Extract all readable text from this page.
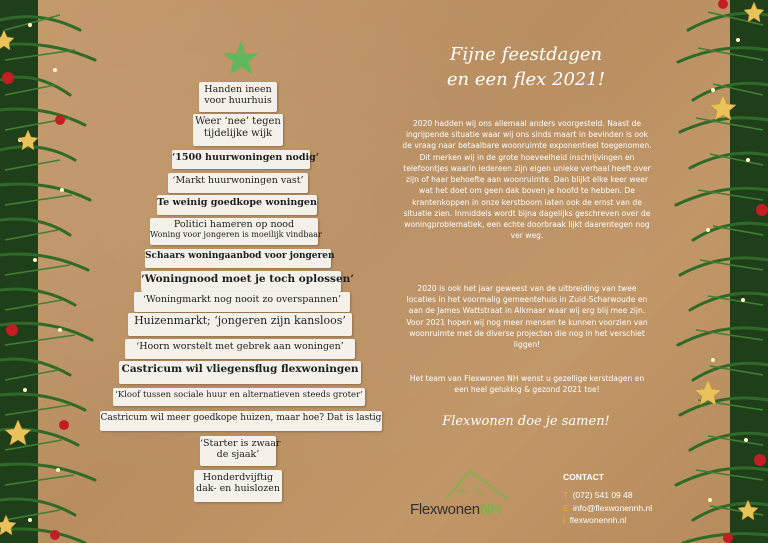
Handen ineen
voor huurhuis
Weer ‘nee’ tegen
tijdelijke wijk
‘1500 huurwoningen nodig’
‘Markt huurwoningen vast’
Te weinig goedkope woningen
Politici hameren op nood
Woning voor jongeren is moeilijk vindbaar
Schaars woningaanbod voor jongeren
‘Woningnood moet je toch oplossen’
‘Woningmarkt nog nooit zo overspannen’
Huizenmarkt; ‘jongeren zijn kansloos’
‘Hoorn worstelt met gebrek aan woningen’
Castricum wil vliegensflug flexwoningen
‘Kloof tussen sociale huur en alternatieven steeds groter’
Castricum wil meer goedkope huizen, maar hoe? Dat is lastig
‘Starter is zwaar
de sjaak’
Honderdvijftig
dak- en huislozen
Fijne feestdagen
en een flex 2021!
2020 hadden wij ons allemaal anders voorgesteld. Naast de ingrijpende situatie waar wij ons sinds maart in bevinden is ook de vraag naar betaalbare woonruimte exponentieel toegenomen. Dit merken wij in de grote hoeveelheid inschrijvingen en telefoontjes waarin iedereen zijn eigen unieke verhaal heeft over zijn of haar behoefte aan woonruimte. Dan blijkt elke keer weer wat het doet om geen dak boven je hoofd te hebben. De krantenkoppen in onze kerstboom laten ook de ernst van de situatie zien. Inmiddels wordt bijna dagelijks geschreven over de woningproblematiek, een echte doorbraak lijkt daarentegen nog ver weg.
2020 is ook het jaar geweest van de uitbreiding van twee locaties in het voormalig gemeentehuis in Zuid-Scharwoude en aan de James Wattstraat in Alkmaar waar wij erg blij mee zijn. Voor 2021 hopen wij nog meer mensen te kunnen voorzien van woonruimte met de diverse projecten die nog in het verschiet liggen!
Het team van Flexwonen NH wenst u gezellige kerstdagen en een heel gelukkig & gezond 2021 toe!
Flexwonen doe je samen!
FlexwonenNH
CONTACT
T (072) 541 09 48
E info@flexwonennh.nl
I flexwonennh.nl
